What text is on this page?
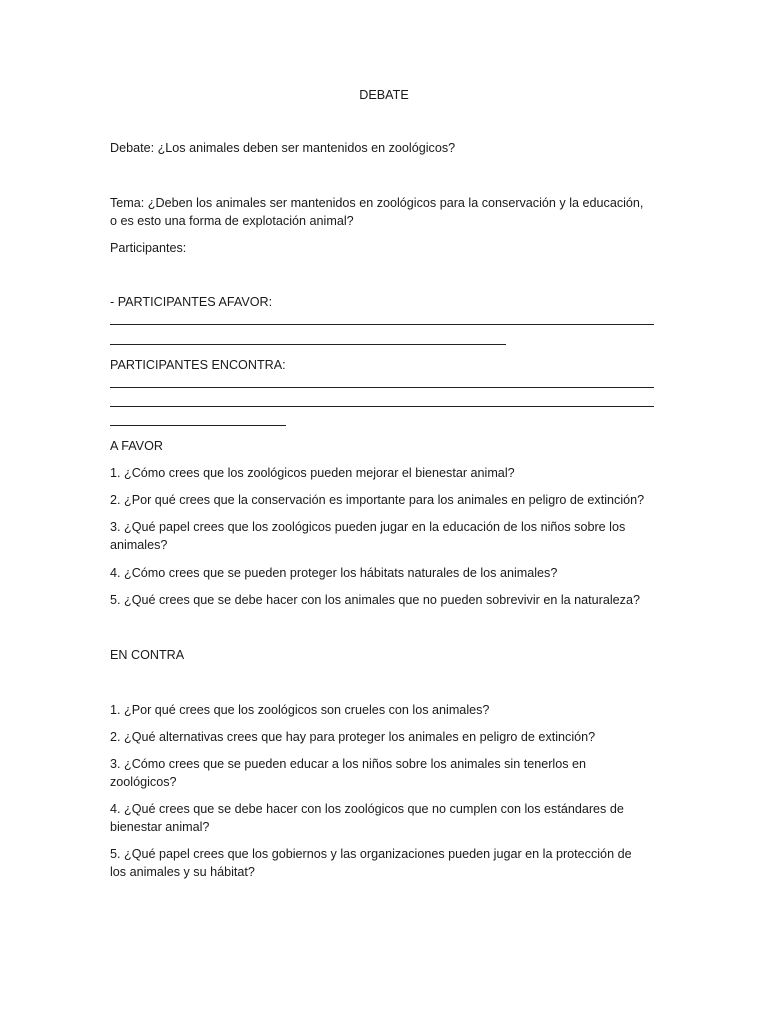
DEBATE
Debate: ¿Los animales deben ser mantenidos en zoológicos?
Tema: ¿Deben los animales ser mantenidos en zoológicos para la conservación y la educación,
o es esto una forma de explotación animal?
Participantes:
- PARTICIPANTES AFAVOR:
PARTICIPANTES ENCONTRA:
A FAVOR
1. ¿Cómo crees que los zoológicos pueden mejorar el bienestar animal?
2. ¿Por qué crees que la conservación es importante para los animales en peligro de extinción?
3. ¿Qué papel crees que los zoológicos pueden jugar en la educación de los niños sobre los
animales?
4. ¿Cómo crees que se pueden proteger los hábitats naturales de los animales?
5. ¿Qué crees que se debe hacer con los animales que no pueden sobrevivir en la naturaleza?
EN CONTRA
1. ¿Por qué crees que los zoológicos son crueles con los animales?
2. ¿Qué alternativas crees que hay para proteger los animales en peligro de extinción?
3. ¿Cómo crees que se pueden educar a los niños sobre los animales sin tenerlos en
zoológicos?
4. ¿Qué crees que se debe hacer con los zoológicos que no cumplen con los estándares de
bienestar animal?
5. ¿Qué papel crees que los gobiernos y las organizaciones pueden jugar en la protección de
los animales y su hábitat?
